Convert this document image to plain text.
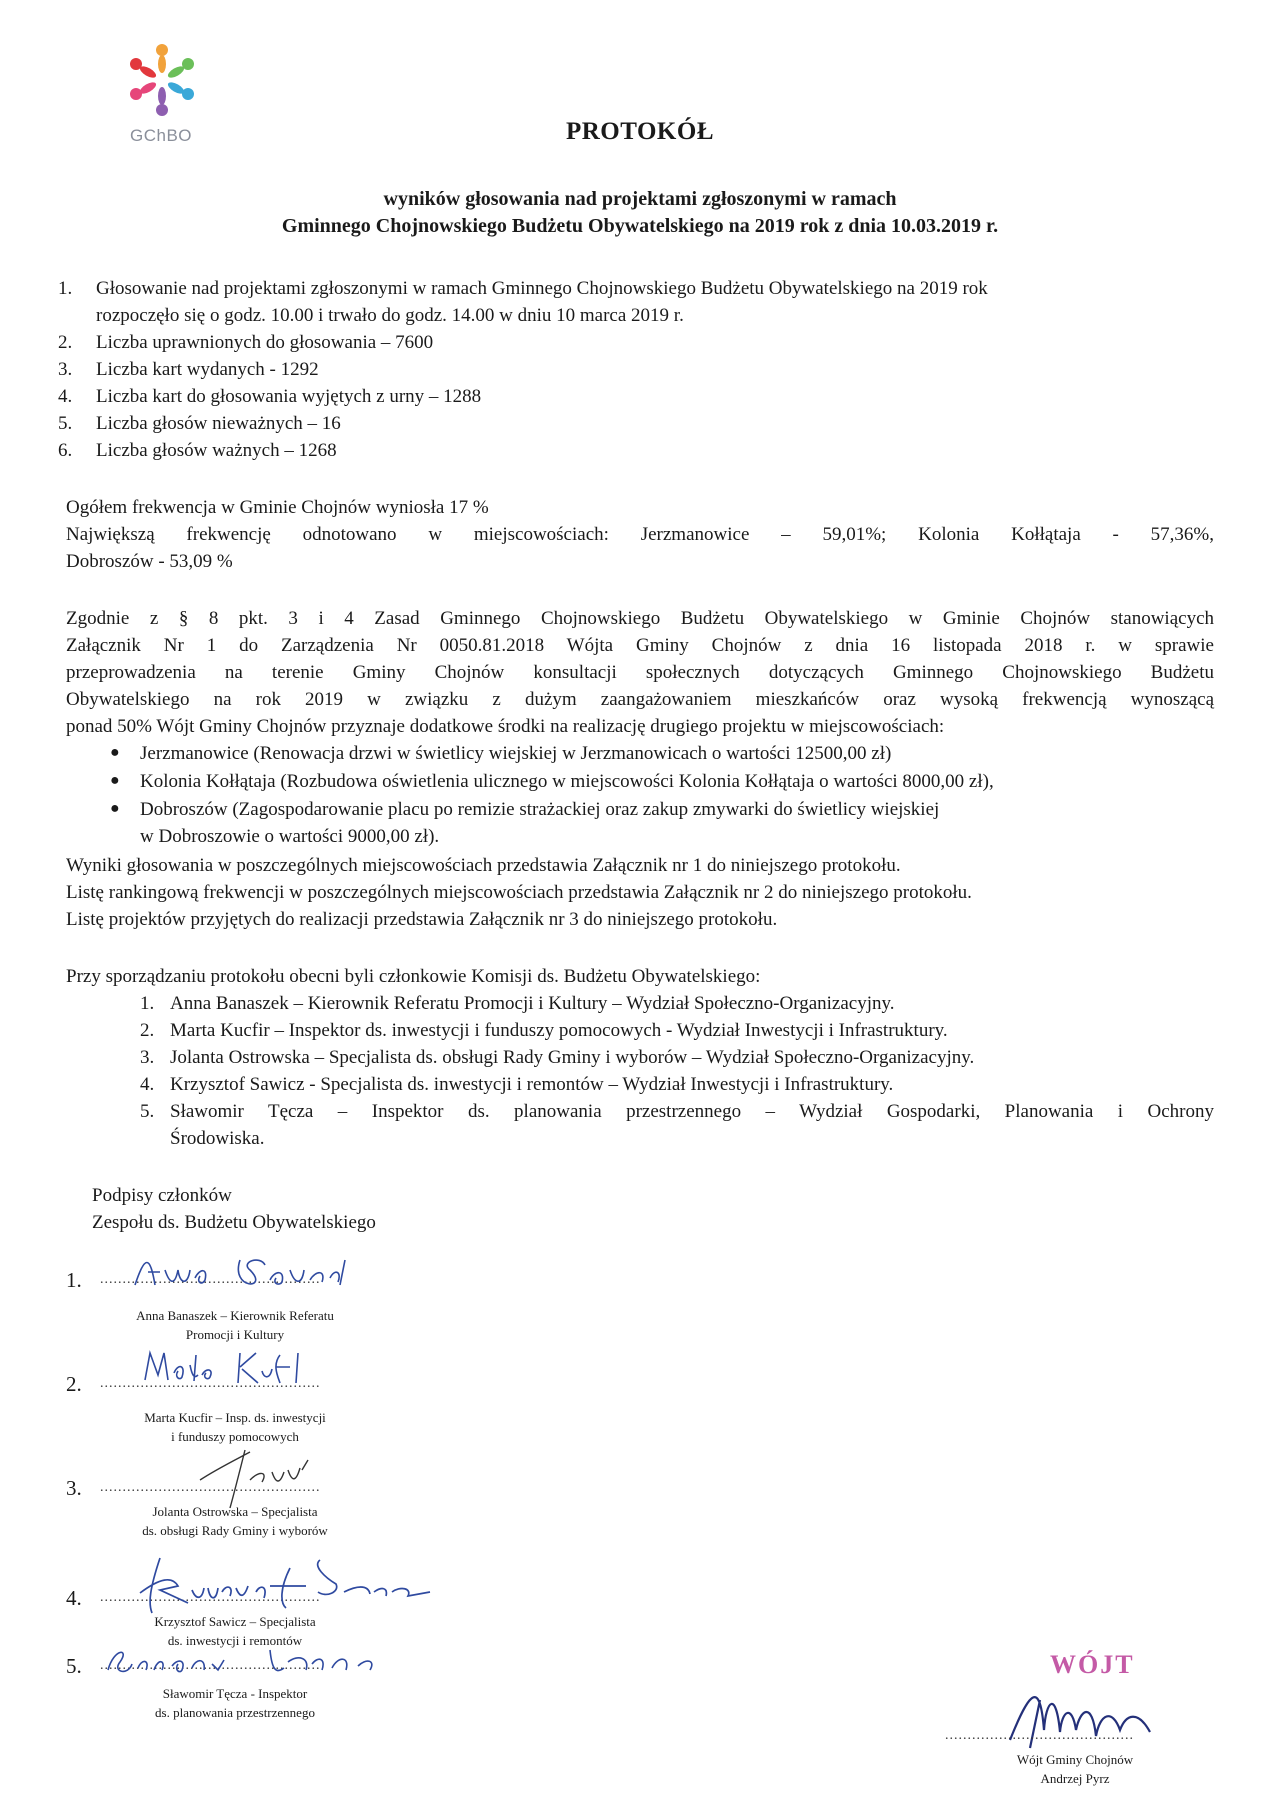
GChBO	PROTOKÓŁ
wyników głosowania nad projektami zgłoszonymi w ramach
Gminnego Chojnowskiego Budżetu Obywatelskiego na 2019 rok z dnia 10.03.2019 r.
1. Głosowanie nad projektami zgłoszonymi w ramach Gminnego Chojnowskiego Budżetu Obywatelskiego na 2019 rok
rozpoczęło się o godz. 10.00 i trwało do godz. 14.00 w dniu 10 marca 2019 r.
2. Liczba uprawnionych do głosowania – 7600
3. Liczba kart wydanych - 1292
4. Liczba kart do głosowania wyjętych z urny – 1288
5. Liczba głosów nieważnych – 16
6. Liczba głosów ważnych – 1268
Ogółem frekwencja w Gminie Chojnów wyniosła 17 %
Największą frekwencję odnotowano w miejscowościach: Jerzmanowice – 59,01%; Kolonia Kołłątaja - 57,36%,
Dobroszów - 53,09 %
Zgodnie z § 8 pkt. 3 i 4 Zasad Gminnego Chojnowskiego Budżetu Obywatelskiego w Gminie Chojnów stanowiących
Załącznik Nr 1 do Zarządzenia Nr 0050.81.2018 Wójta Gminy Chojnów z dnia 16 listopada 2018 r. w sprawie
przeprowadzenia na terenie Gminy Chojnów konsultacji społecznych dotyczących Gminnego Chojnowskiego Budżetu
Obywatelskiego na rok 2019 w związku z dużym zaangażowaniem mieszkańców oraz wysoką frekwencją wynoszącą
ponad 50% Wójt Gminy Chojnów przyznaje dodatkowe środki na realizację drugiego projektu w miejscowościach:
● Jerzmanowice (Renowacja drzwi w świetlicy wiejskiej w Jerzmanowicach o wartości 12500,00 zł)
● Kolonia Kołłątaja (Rozbudowa oświetlenia ulicznego w miejscowości Kolonia Kołłątaja o wartości 8000,00 zł),
● Dobroszów (Zagospodarowanie placu po remizie strażackiej oraz zakup zmywarki do świetlicy wiejskiej
w Dobroszowie o wartości 9000,00 zł).
Wyniki głosowania w poszczególnych miejscowościach przedstawia Załącznik nr 1 do niniejszego protokołu.
Listę rankingową frekwencji w poszczególnych miejscowościach przedstawia Załącznik nr 2 do niniejszego protokołu.
Listę projektów przyjętych do realizacji przedstawia Załącznik nr 3 do niniejszego protokołu.
Przy sporządzaniu protokołu obecni byli członkowie Komisji ds. Budżetu Obywatelskiego:
1. Anna Banaszek – Kierownik Referatu Promocji i Kultury – Wydział Społeczno-Organizacyjny.
2. Marta Kucfir – Inspektor ds. inwestycji i funduszy pomocowych - Wydział Inwestycji i Infrastruktury.
3. Jolanta Ostrowska – Specjalista ds. obsługi Rady Gminy i wyborów – Wydział Społeczno-Organizacyjny.
4. Krzysztof Sawicz - Specjalista ds. inwestycji i remontów – Wydział Inwestycji i Infrastruktury.
5. Sławomir Tęcza – Inspektor ds. planowania przestrzennego – Wydział Gospodarki, Planowania i Ochrony
Środowiska.
Podpisy członków
Zespołu ds. Budżetu Obywatelskiego
1. .................................................
Anna Banaszek – Kierownik Referatu
Promocji i Kultury
2. .................................................
Marta Kucfir – Insp. ds. inwestycji
i funduszy pomocowych
3. .................................................
Jolanta Ostrowska – Specjalista
ds. obsługi Rady Gminy i wyborów
4. .................................................
Krzysztof Sawicz – Specjalista
ds. inwestycji i remontów
5. .................................................
Sławomir Tęcza - Inspektor
ds. planowania przestrzennego
WÓJT
..........................................
Wójt Gminy Chojnów
Andrzej Pyrz
